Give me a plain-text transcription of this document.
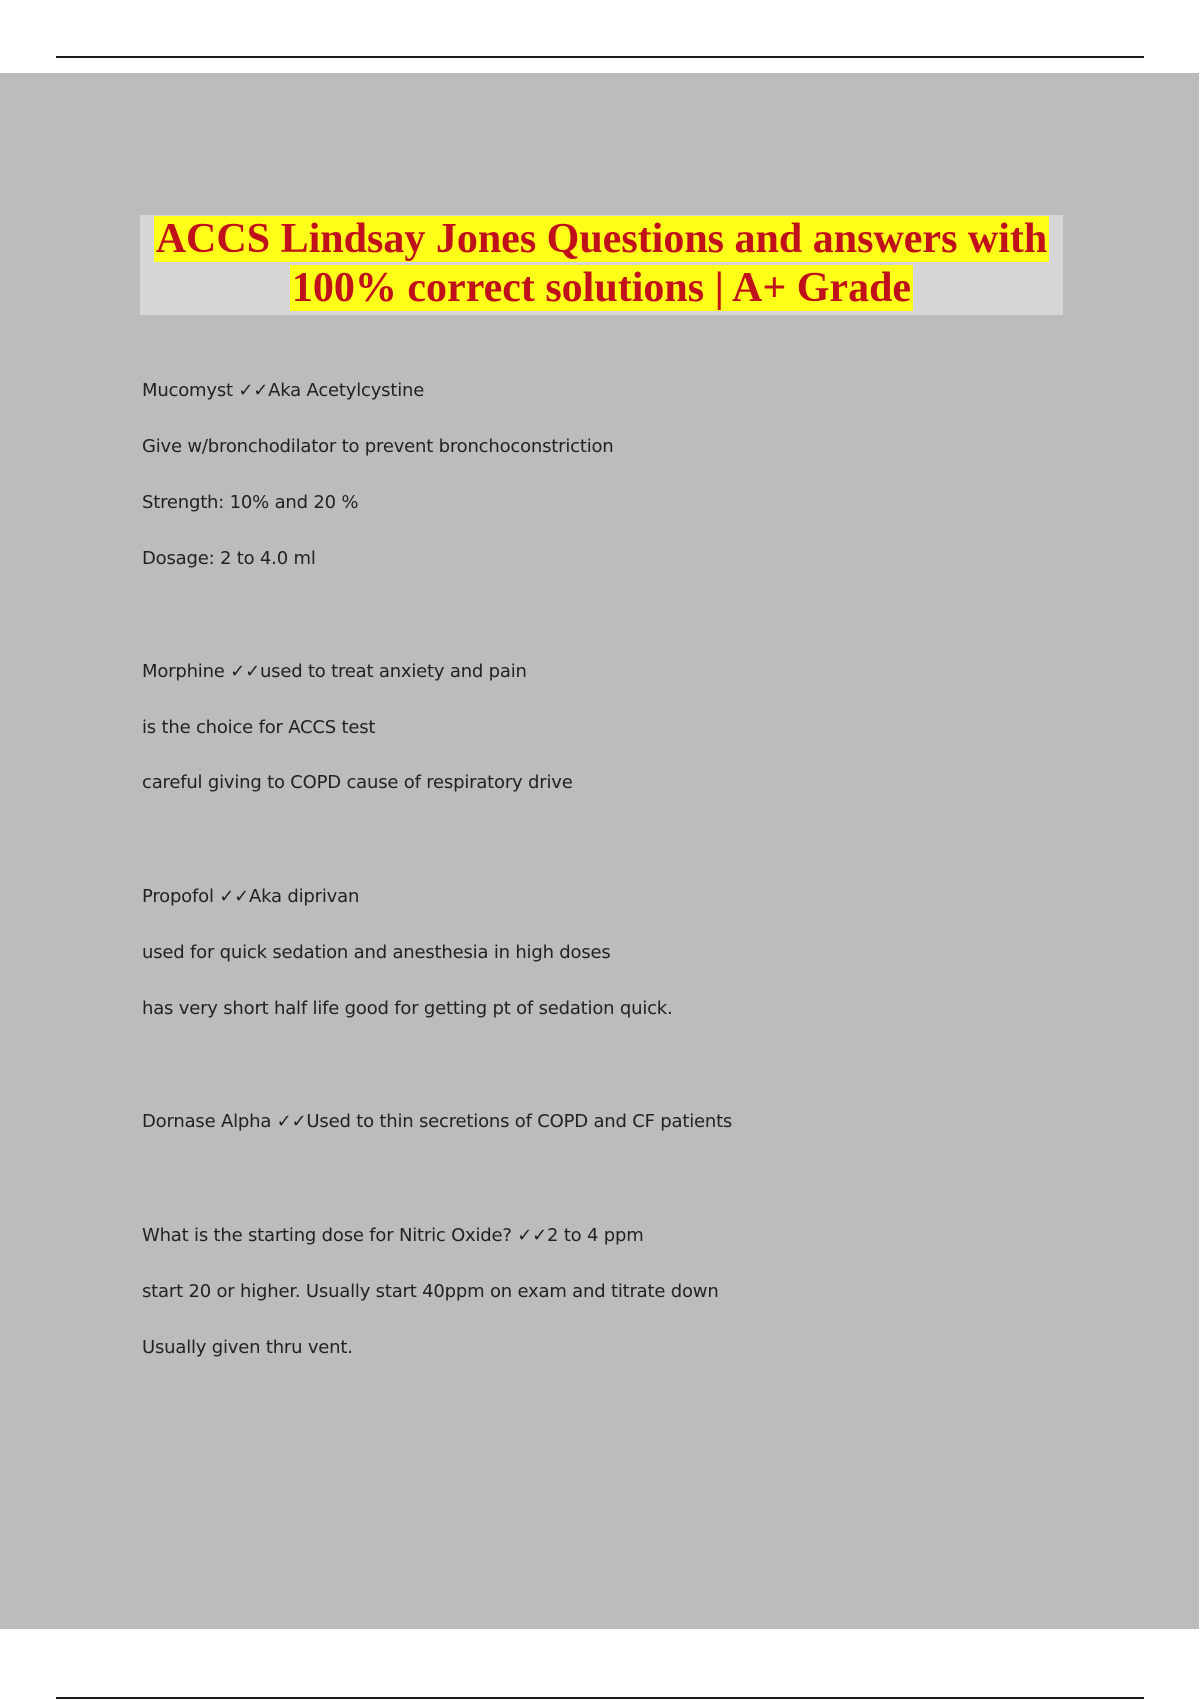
ACCS Lindsay Jones Questions and answers with
100% correct solutions | A+ Grade
Mucomyst ✓✓Aka Acetylcystine
Give w/bronchodilator to prevent bronchoconstriction
Strength: 10% and 20 %
Dosage: 2 to 4.0 ml
Morphine ✓✓used to treat anxiety and pain
is the choice for ACCS test
careful giving to COPD cause of respiratory drive
Propofol ✓✓Aka diprivan
used for quick sedation and anesthesia in high doses
has very short half life good for getting pt of sedation quick.
Dornase Alpha ✓✓Used to thin secretions of COPD and CF patients
What is the starting dose for Nitric Oxide? ✓✓2 to 4 ppm
start 20 or higher. Usually start 40ppm on exam and titrate down
Usually given thru vent.
